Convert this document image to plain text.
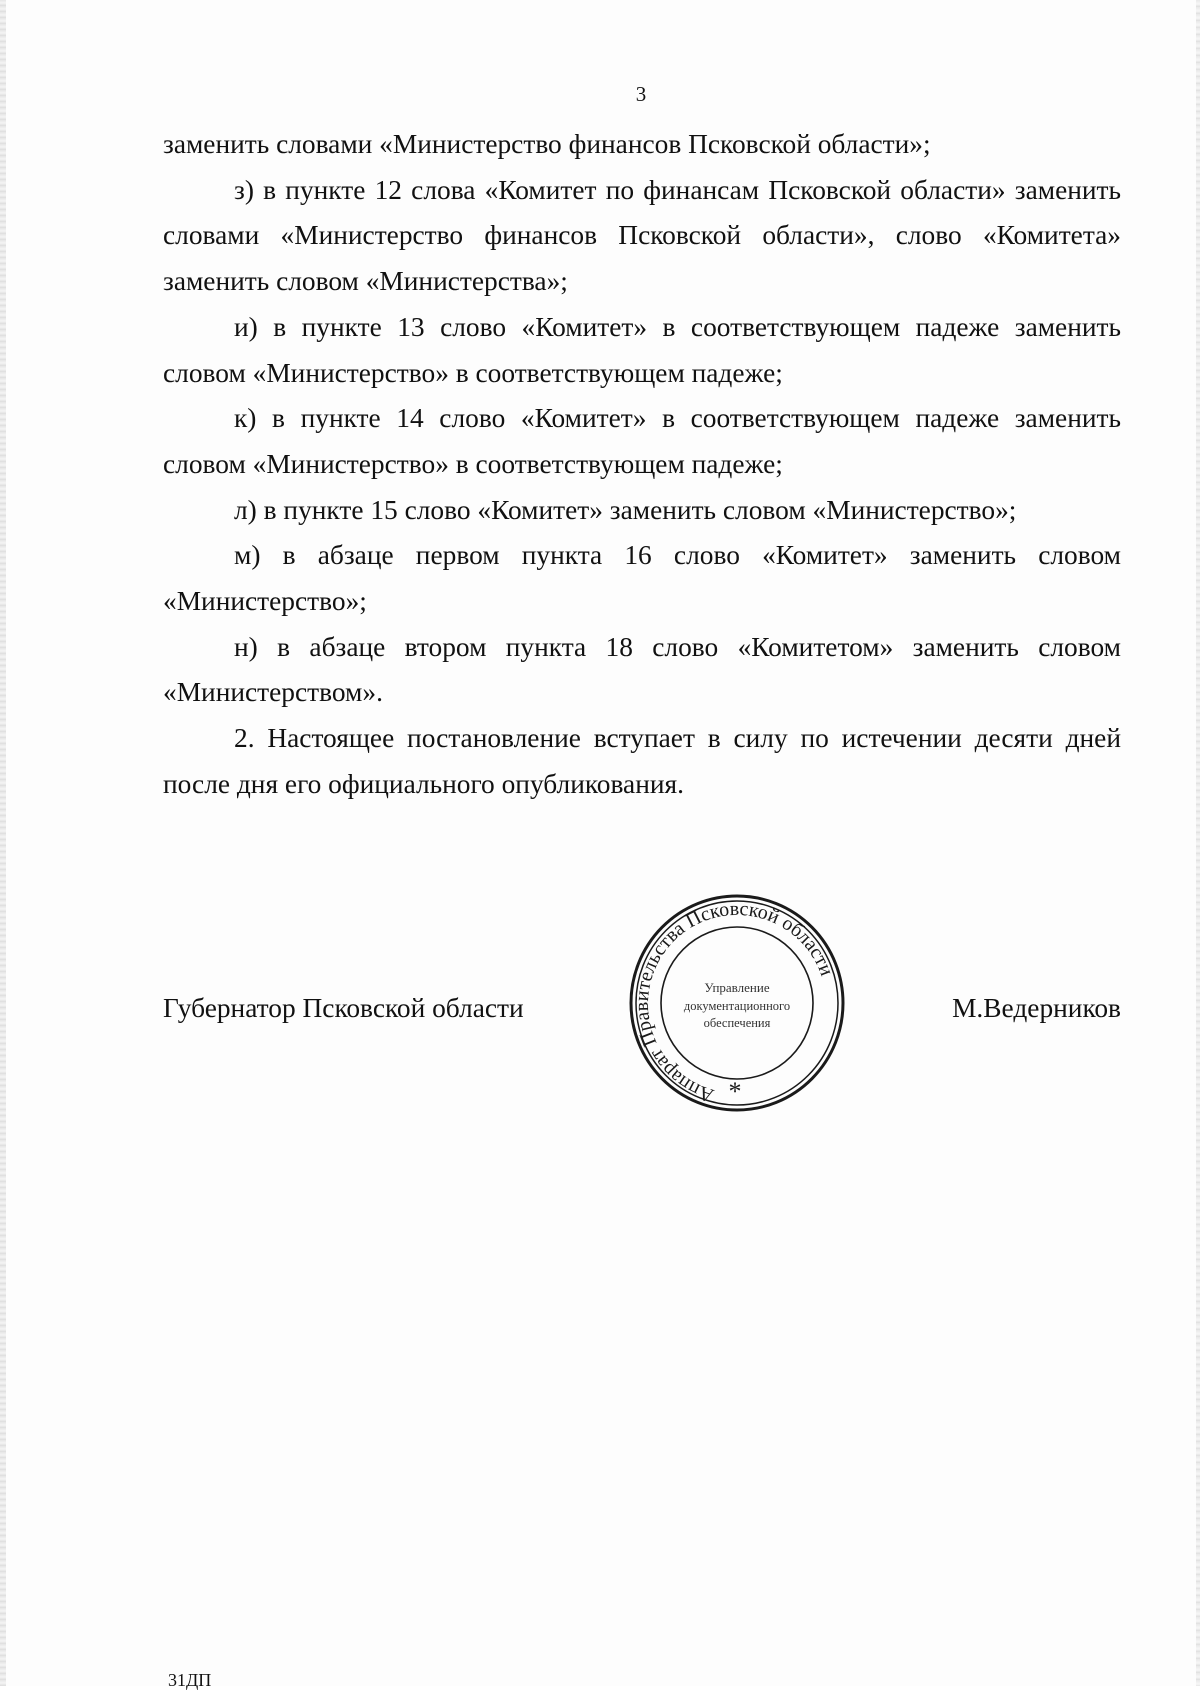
3

заменить словами «Министерство финансов Псковской области»;

з) в пункте 12 слова «Комитет по финансам Псковской области» заменить словами «Министерство финансов Псковской области», слово «Комитета» заменить словом «Министерства»;

и) в пункте 13 слово «Комитет» в соответствующем падеже заменить словом «Министерство» в соответствующем падеже;

к) в пункте 14 слово «Комитет» в соответствующем падеже заменить словом «Министерство» в соответствующем падеже;

л) в пункте 15 слово «Комитет» заменить словом «Министерство»;

м) в абзаце первом пункта 16 слово «Комитет» заменить словом «Министерство»;

н) в абзаце втором пункта 18 слово «Комитетом» заменить словом «Министерством».

2. Настоящее постановление вступает в силу по истечении десяти дней после дня его официального опубликования.

Губернатор Псковской области	М.Ведерников
Аппарат Правительства Псковской области
Управление
документационного
обеспечения
*
31ДП
